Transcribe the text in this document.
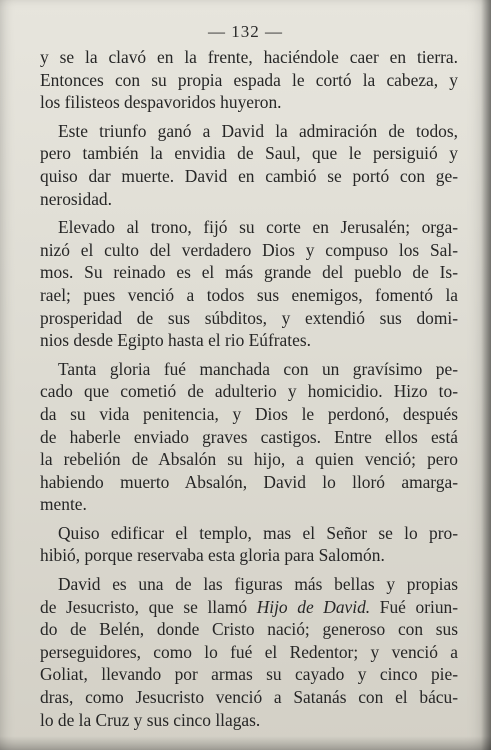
— 132 —
y se la clavó en la frente, haciéndole caer en tierra.
Entonces con su propia espada le cortó la cabeza, y
los filisteos despavoridos huyeron.
Este triunfo ganó a David la admiración de todos,
pero también la envidia de Saul, que le persiguió y
quiso dar muerte. David en cambió se portó con ge-
nerosidad.
Elevado al trono, fijó su corte en Jerusalén; orga-
nizó el culto del verdadero Dios y compuso los Sal-
mos. Su reinado es el más grande del pueblo de Is-
rael; pues venció a todos sus enemigos, fomentó la
prosperidad de sus súbditos, y extendió sus domi-
nios desde Egipto hasta el rio Eúfrates.
Tanta gloria fué manchada con un gravísimo pe-
cado que cometió de adulterio y homicidio. Hizo to-
da su vida penitencia, y Dios le perdonó, después
de haberle enviado graves castigos. Entre ellos está
la rebelión de Absalón su hijo, a quien venció; pero
habiendo muerto Absalón, David lo lloró amarga-
mente.
Quiso edificar el templo, mas el Señor se lo pro-
hibió, porque reservaba esta gloria para Salomón.
David es una de las figuras más bellas y propias
de Jesucristo, que se llamó Hijo de David. Fué oriun-
do de Belén, donde Cristo nació; generoso con sus
perseguidores, como lo fué el Redentor; y venció a
Goliat, llevando por armas su cayado y cinco pie-
dras, como Jesucristo venció a Satanás con el bácu-
lo de la Cruz y sus cinco llagas.
